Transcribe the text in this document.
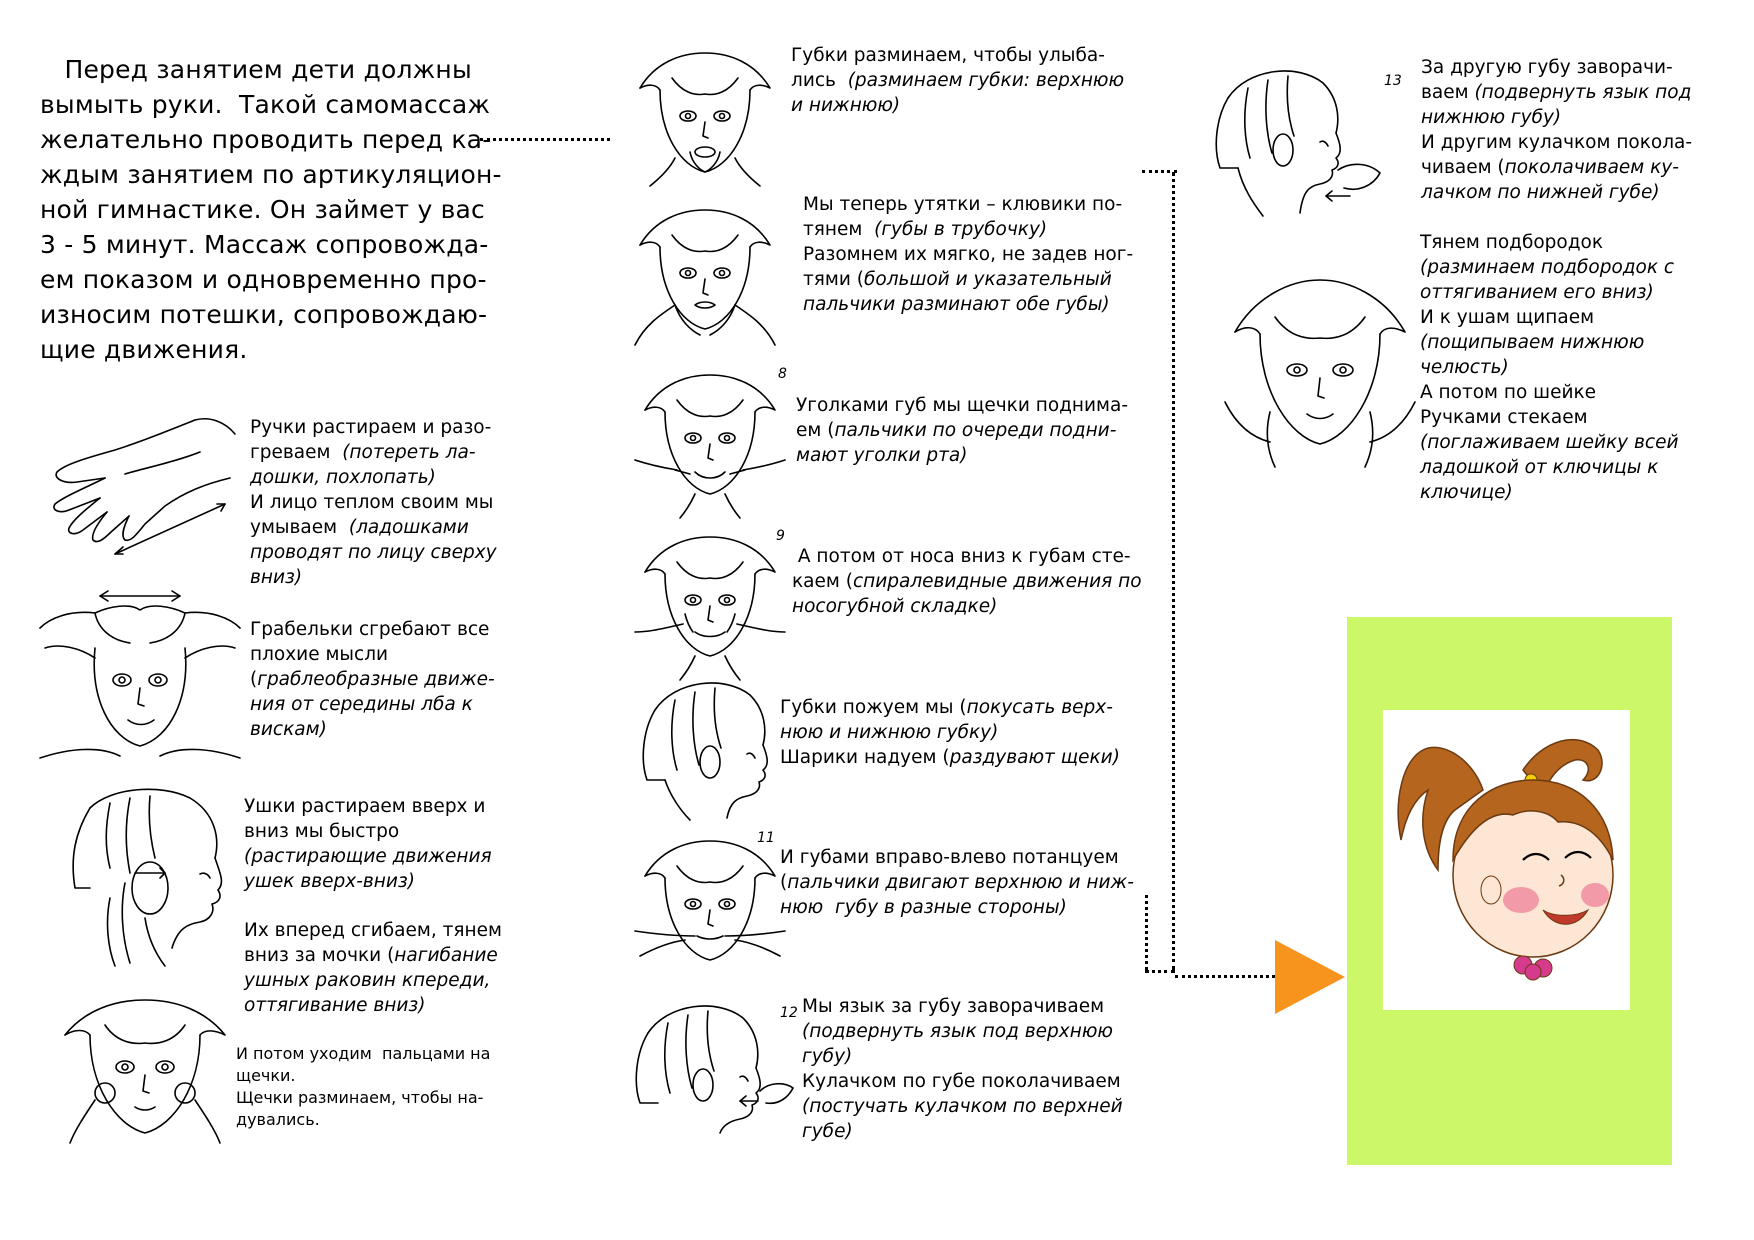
Перед занятием дети должны
вымыть руки.  Такой самомассаж
желательно проводить перед ка-
ждым занятием по артикуляцион-
ной гимнастике. Он займет у вас
3 - 5 минут. Массаж сопровожда-
ем показом и одновременно про-
износим потешки, сопровождаю-
щие движения.
Ручки растираем и разо-
греваем  (потереть ла-
дошки, похлопать)
И лицо теплом своим мы
умываем  (ладошками
проводят по лицу сверху
вниз)
Грабельки сгребают все
плохие мысли
(граблеобразные движе-
ния от середины лба к
вискам)
Ушки растираем вверх и
вниз мы быстро
(растирающие движения
ушек вверх-вниз)
Их вперед сгибаем, тянем
вниз за мочки (нагибание
ушных раковин кпереди,
оттягивание вниз)
И потом уходим  пальцами на
щечки.
Щечки разминаем, чтобы на-
дувались.
Губки разминаем, чтобы улыба-
лись  (разминаем губки: верхнюю
и нижнюю)
Мы теперь утятки – клювики по-
тянем  (губы в трубочку)
Разомнем их мягко, не задев ног-
тями (большой и указательный
пальчики разминают обе губы)
Уголками губ мы щечки поднима-
ем (пальчики по очереди подни-
мают уголки рта)
А потом от носа вниз к губам сте-
каем (спиралевидные движения по
носогубной складке)
Губки пожуем мы (покусать верх-
нюю и нижнюю губку)
Шарики надуем (раздувают щеки)
И губами вправо-влево потанцуем
(пальчики двигают верхнюю и ниж-
нюю  губу в разные стороны)
Мы язык за губу заворачиваем
(подвернуть язык под верхнюю
губу)
Кулачком по губе поколачиваем
(постучать кулачком по верхней
губе)
За другую губу заворачи-
ваем (подвернуть язык под
нижнюю губу)
И другим кулачком покола-
чиваем (поколачиваем ку-
лачком по нижней губе)
Тянем подбородок
(разминаем подбородок с
оттягиванием его вниз)
И к ушам щипаем
(пощипываем нижнюю
челюсть)
А потом по шейке
Ручками стекаем
(поглаживаем шейку всей
ладошкой от ключицы к
ключице)
8
9
11
12
13
